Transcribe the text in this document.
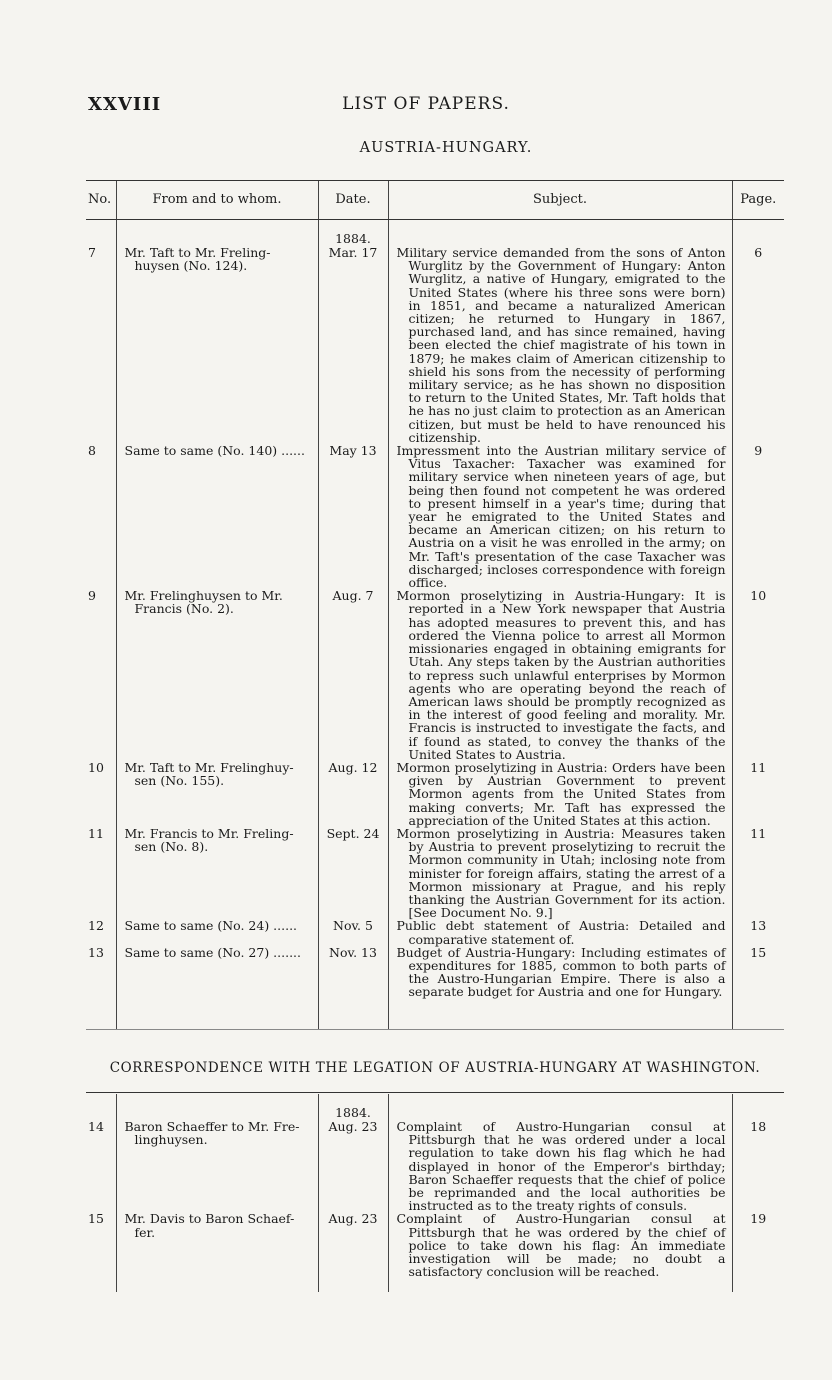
XXVIII	LIST OF PAPERS.
AUSTRIA-HUNGARY.
No.	From and to whom.	Date.	Subject.	Page.

		1884.		
7	Mr. Taft to Mr. Freling-huysen (No. 124).	Mar. 17	Military service demanded from the sons of Anton Wurglitz by the Government of Hungary: Anton Wurglitz, a native of Hungary, emigrated to the United States (where his three sons were born) in 1851, and became a naturalized American citizen; he returned to Hungary in 1867, purchased land, and has since remained, having been elected the chief magistrate of his town in 1879; he makes claim of American citizenship to shield his sons from the necessity of performing military service; as he has shown no disposition to return to the United States, Mr. Taft holds that he has no just claim to protection as an American citizen, but must be held to have renounced his citizenship.	6
8	Same to same (No. 140) ......	May 13	Impressment into the Austrian military service of Vitus Taxacher: Taxacher was examined for military service when nineteen years of age, but being then found not competent he was ordered to present himself in a year's time; during that year he emigrated to the United States and became an American citizen; on his return to Austria on a visit he was enrolled in the army; on Mr. Taft's presentation of the case Taxacher was discharged; incloses correspondence with foreign office.	9
9	Mr. Frelinghuysen to Mr. Francis (No. 2).	Aug. 7	Mormon proselytizing in Austria-Hungary: It is reported in a New York newspaper that Austria has adopted measures to prevent this, and has ordered the Vienna police to arrest all Mormon missionaries engaged in obtaining emigrants for Utah. Any steps taken by the Austrian authorities to repress such unlawful enterprises by Mormon agents who are operating beyond the reach of American laws should be promptly recognized as in the interest of good feeling and morality. Mr. Francis is instructed to investigate the facts, and if found as stated, to convey the thanks of the United States to Austria.	10
10	Mr. Taft to Mr. Frelinghuy-sen (No. 155).	Aug. 12	Mormon proselytizing in Austria: Orders have been given by Austrian Government to prevent Mormon agents from the United States from making converts; Mr. Taft has expressed the appreciation of the United States at this action.	11
11	Mr. Francis to Mr. Freling-sen (No. 8).	Sept. 24	Mormon proselytizing in Austria: Measures taken by Austria to prevent proselytizing to recruit the Mormon community in Utah; inclosing note from minister for foreign affairs, stating the arrest of a Mormon missionary at Prague, and his reply thanking the Austrian Government for its action. [See Document No. 9.]	11
12	Same to same (No. 24) ......	Nov. 5	Public debt statement of Austria: Detailed and comparative statement of.	13
13	Same to same (No. 27) .......	Nov. 13	Budget of Austria-Hungary: Including estimates of expenditures for 1885, common to both parts of the Austro-Hungarian Empire. There is also a separate budget for Austria and one for Hungary.	15

CORRESPONDENCE WITH THE LEGATION OF AUSTRIA-HUNGARY AT WASHINGTON.

		1884.		
14	Baron Schaeffer to Mr. Fre-linghuysen.	Aug. 23	Complaint of Austro-Hungarian consul at Pittsburgh that he was ordered under a local regulation to take down his flag which he had displayed in honor of the Emperor's birthday; Baron Schaeffer requests that the chief of police be reprimanded and the local authorities be instructed as to the treaty rights of consuls.	18
15	Mr. Davis to Baron Schaef-fer.	Aug. 23	Complaint of Austro-Hungarian consul at Pittsburgh that he was ordered by the chief of police to take down his flag: An immediate investigation will be made; no doubt a satisfactory conclusion will be reached.	19
